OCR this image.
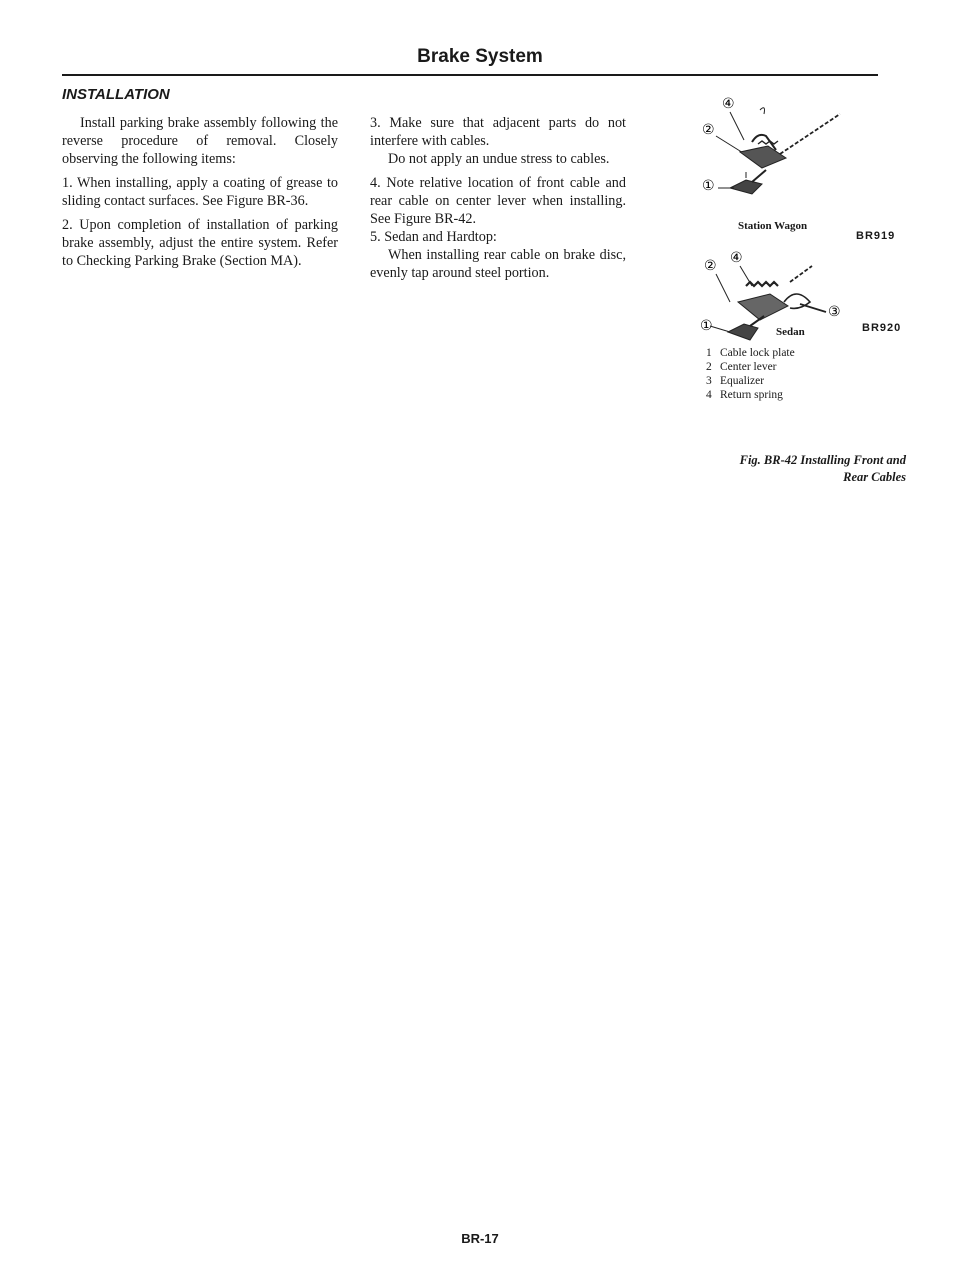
Brake System
INSTALLATION

Install parking brake assembly following the reverse procedure of removal. Closely observing the following items:

1. When installing, apply a coating of grease to sliding contact surfaces. See Figure BR-36.

2. Upon completion of installation of parking brake assembly, adjust the entire system. Refer to Checking Parking Brake (Section MA).

3. Make sure that adjacent parts do not interfere with cables.

Do not apply an undue stress to cables.

4. Note relative location of front cable and rear cable on center lever when installing. See Figure BR-42.

5. Sedan and Hardtop:

When installing rear cable on brake disc, evenly tap around steel portion.

④
②
①
Station Wagon
BR919
② ④
③
①	Sedan	BR920
1 Cable lock plate
2 Center lever
3 Equalizer
4 Return spring
Fig. BR-42 Installing Front and
Rear Cables
BR-17
